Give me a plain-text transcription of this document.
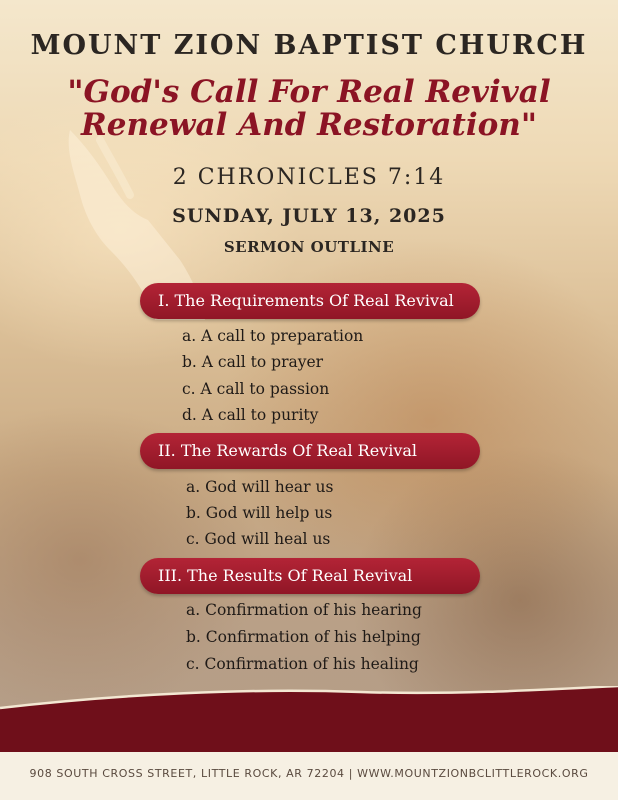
MOUNT ZION BAPTIST CHURCH
"God's Call For Real Revival
Renewal And Restoration"
2 CHRONICLES 7:14
SUNDAY, JULY 13, 2025
SERMON OUTLINE
I. The Requirements Of Real Revival
a. A call to preparation
b. A call to prayer
c. A call to passion
d. A call to purity
II. The Rewards Of Real Revival
a. God will hear us
b. God will help us
c. God will heal us
III. The Results Of Real Revival
a. Confirmation of his hearing
b. Confirmation of his helping
c. Confirmation of his healing
908 SOUTH CROSS STREET, LITTLE ROCK, AR 72204 | WWW.MOUNTZIONBCLITTLEROCK.ORG
